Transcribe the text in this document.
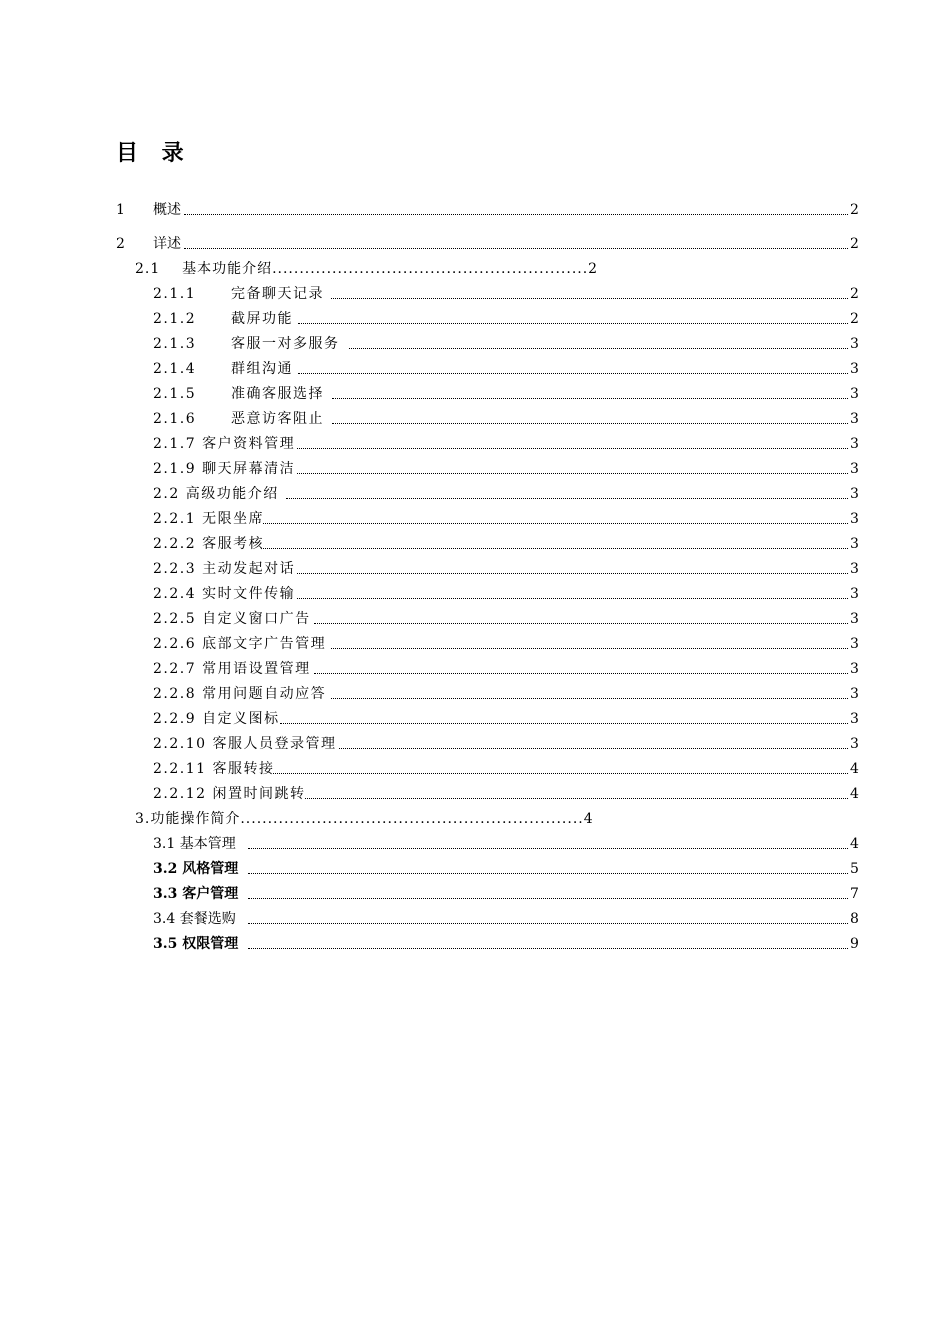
目 录
1 概述	2
2 详述	2
2.1    基本功能介绍..........................................................2
2.1.1 完备聊天记录	2
2.1.2 截屏功能	2
2.1.3 客服一对多服务	3
2.1.4 群组沟通	3
2.1.5 准确客服选择	3
2.1.6 恶意访客阻止	3
2.1.7 客户资料管理	3
2.1.9 聊天屏幕清洁	3
2.2 高级功能介绍	3
2.2.1 无限坐席	3
2.2.2 客服考核	3
2.2.3 主动发起对话	3
2.2.4 实时文件传输	3
2.2.5 自定义窗口广告	3
2.2.6 底部文字广告管理	3
2.2.7 常用语设置管理	3
2.2.8 常用问题自动应答	3
2.2.9 自定义图标	3
2.2.10 客服人员登录管理	3
2.2.11 客服转接	4
2.2.12 闲置时间跳转	4
3.功能操作简介...............................................................4
3.1 基本管理	4
3.2 风格管理	5
3.3 客户管理	7
3.4 套餐选购	8
3.5 权限管理	9
